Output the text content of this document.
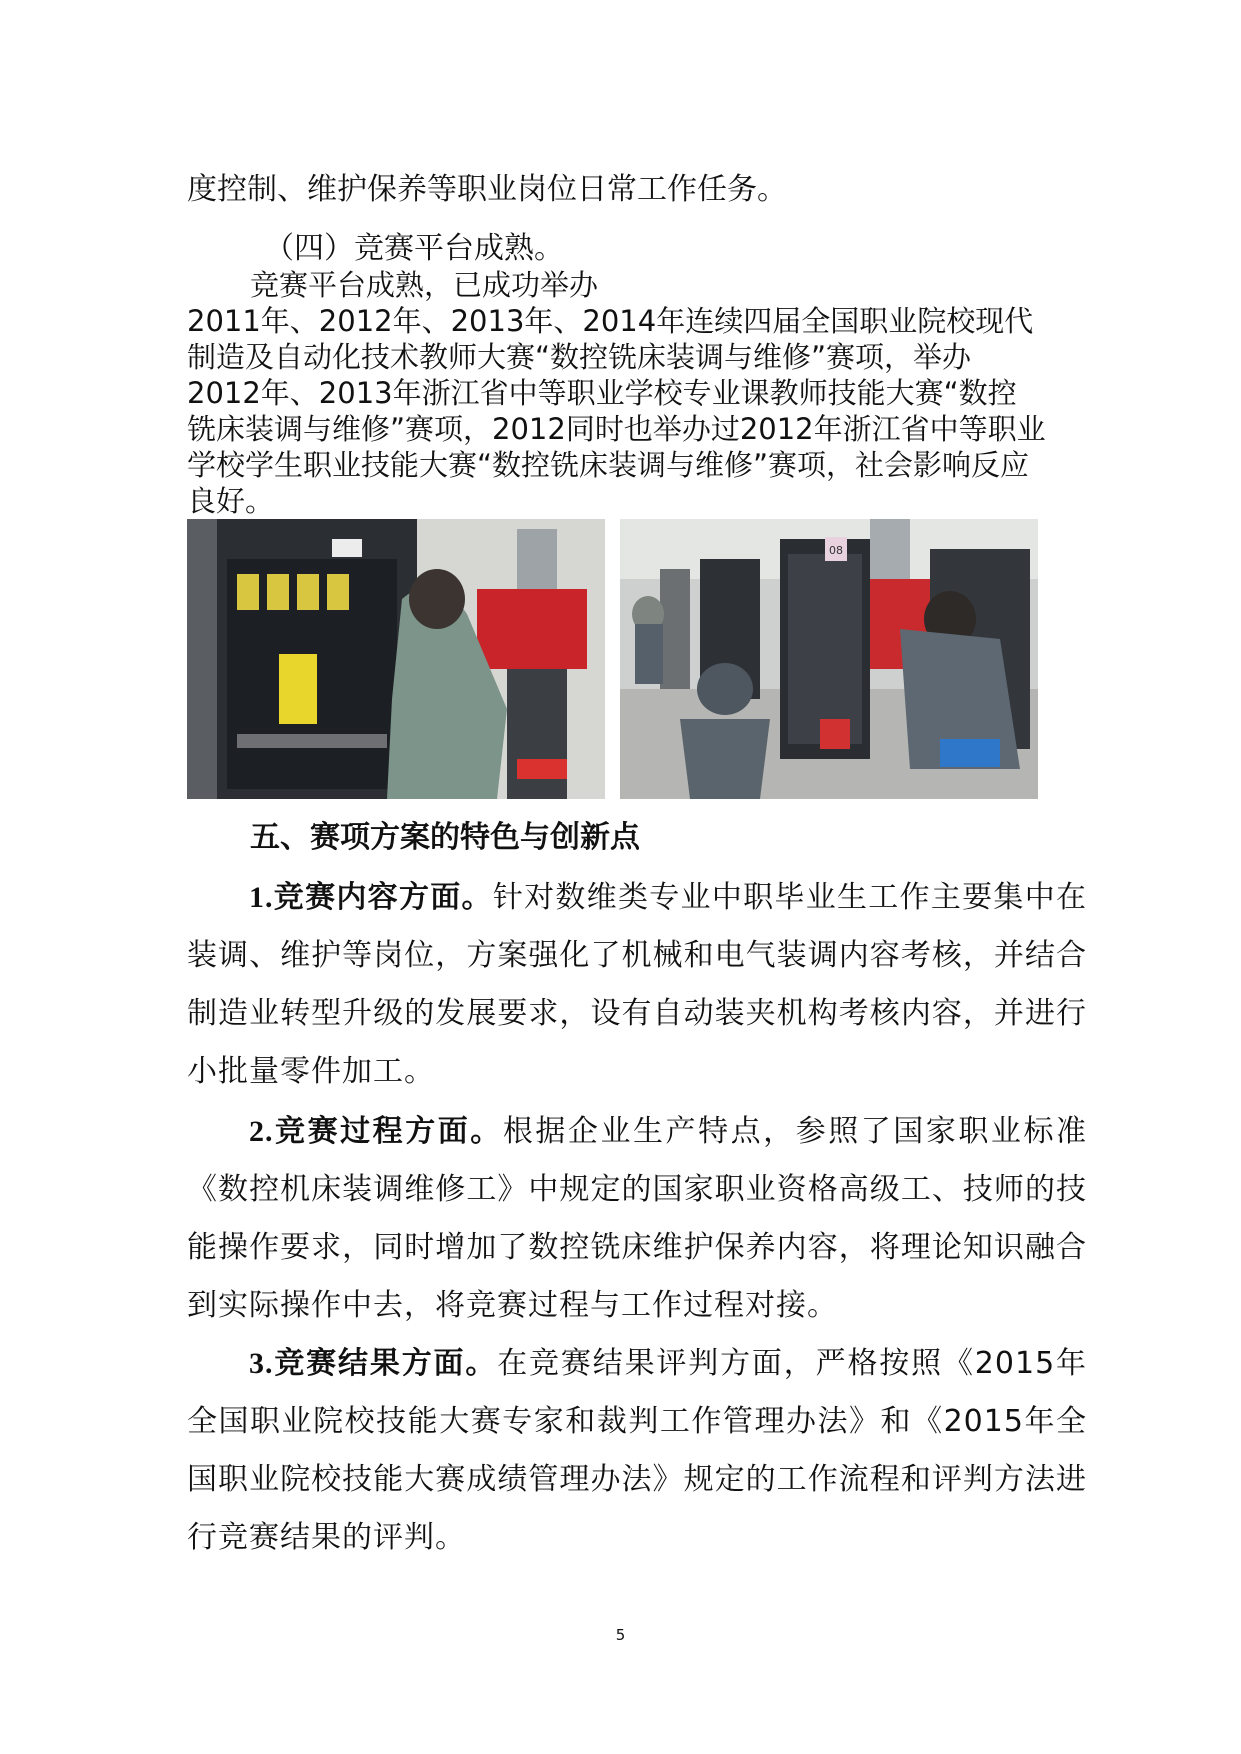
度控制、维护保养等职业岗位日常工作任务。
（四）竞赛平台成熟。
竞赛平台成熟，已成功举办
2011年、2012年、2013年、2014年连续四届全国职业院校现代
制造及自动化技术教师大赛“数控铣床装调与维修”赛项，举办
2012年、2013年浙江省中等职业学校专业课教师技能大赛“数控
铣床装调与维修”赛项，2012同时也举办过2012年浙江省中等职业
学校学生职业技能大赛“数控铣床装调与维修”赛项，社会影响反应
良好。
08
五、赛项方案的特色与创新点
1.竞赛内容方面。针对数维类专业中职毕业生工作主要集中在装调、维护等岗位，方案强化了机械和电气装调内容考核，并结合制造业转型升级的发展要求，设有自动装夹机构考核内容，并进行小批量零件加工。
2.竞赛过程方面。根据企业生产特点，参照了国家职业标准《数控机床装调维修工》中规定的国家职业资格高级工、技师的技能操作要求，同时增加了数控铣床维护保养内容，将理论知识融合到实际操作中去，将竞赛过程与工作过程对接。
3.竞赛结果方面。在竞赛结果评判方面，严格按照《2015年全国职业院校技能大赛专家和裁判工作管理办法》和《2015年全国职业院校技能大赛成绩管理办法》规定的工作流程和评判方法进行竞赛结果的评判。
5
